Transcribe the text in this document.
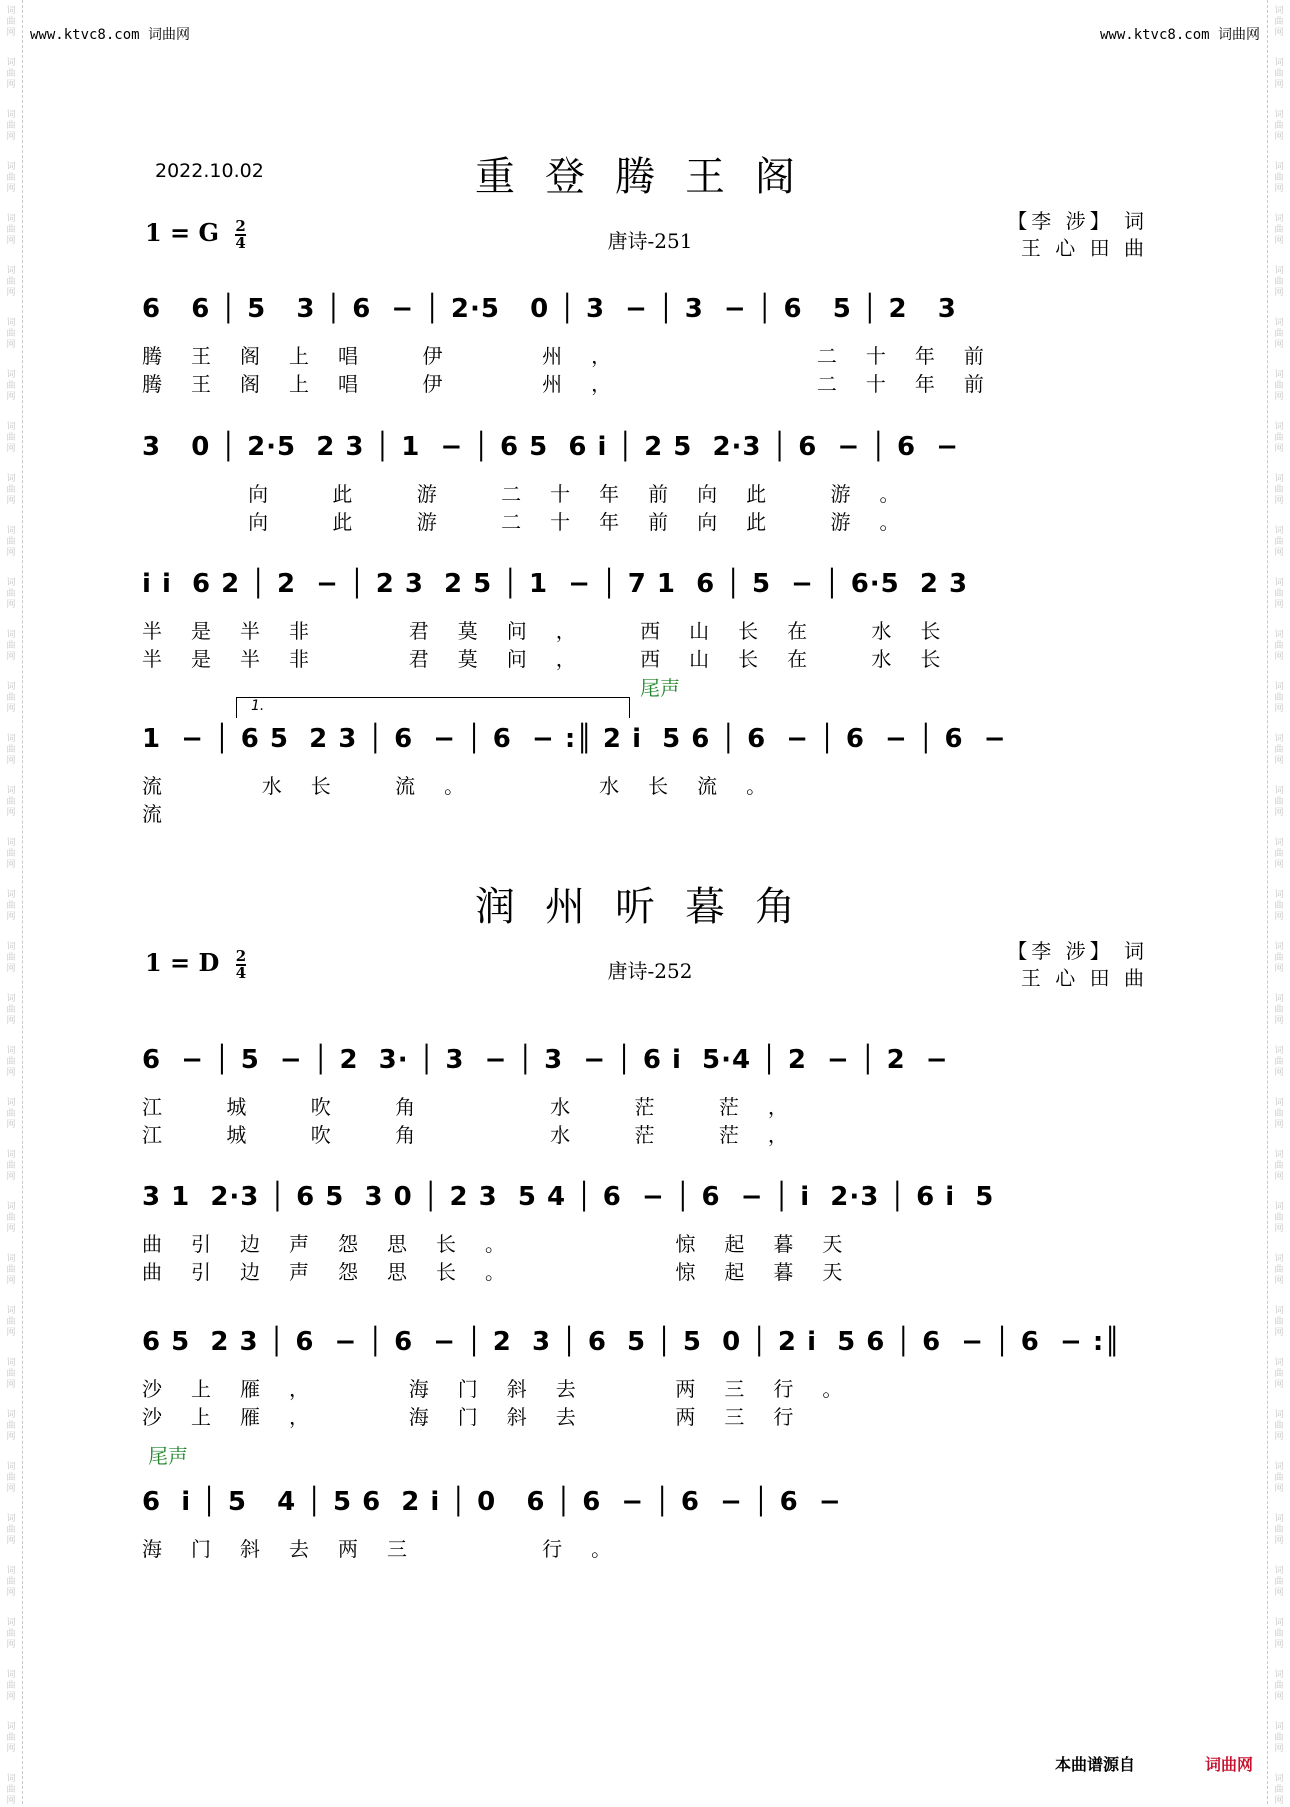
词
曲
网
词
曲
网
词
曲
网
词
曲
网
词
曲
网
词
曲
网
词
曲
网
词
曲
网
词
曲
网
词
曲
网
词
曲
网
词
曲
网
词
曲
网
词
曲
网
词
曲
网
词
曲
网
词
曲
网
词
曲
网
词
曲
网
词
曲
网
词
曲
网
词
曲
网
词
曲
网
词
曲
网
词
曲
网
词
曲
网
词
曲
网
词
曲
网
词
曲
网
词
曲
网
词
曲
网
词
曲
网
词
曲
网
词
曲
网
词
曲
网
词
曲
网
词
曲
网
词
曲
网
词
曲
网
词
曲
网
词
曲
网
词
曲
网
词
曲
网
词
曲
网
词
曲
网
词
曲
网
词
曲
网
词
曲
网
词
曲
网
词
曲
网
词
曲
网
词
曲
网
词
曲
网
词
曲
网
词
曲
网
词
曲
网
词
曲
网
词
曲
网
词
曲
网
词
曲
网
词
曲
网
词
曲
网
词
曲
网
词
曲
网
词
曲
网
词
曲
网
词
曲
网
词
曲
网
词
曲
网
词
曲
网
www.ktvc8.com 词曲网	www.ktvc8.com 词曲网
2022.10.02	重登腾王阁
1 = G $\frac{2}{4}$	唐诗-251
【李 涉】 词
王 心 田 曲
6   6 │ 5   3 │ 6  − │ 2·5   0 │ 3  − │ 3  − │ 6   5 │ 2   3
腾王阁上唱 伊  州，     二十年前
腾王阁上唱 伊  州，     二十年前
3   0 │ 2·5  2 3 │ 1  − │ 6 5  6 i │ 2 5  2·3 │ 6  − │ 6  −
向 此 游 二十年前向此 游。
向 此 游 二十年前向此 游。
i i  6 2 │ 2  − │ 2 3  2 5 │ 1  − │ 7 1  6 │ 5  − │ 6·5  2 3
半是半非  君莫问， 西山长在 水长
半是半非  君莫问， 西山长在 水长
尾声
1.
1  − │ 6 5  2 3 │ 6  − │ 6  − :║ 2 i  5 6 │ 6  − │ 6  − │ 6  −
流  水长 流。   水长流。
流
润州听暮角
1 = D $\frac{2}{4}$	唐诗-252
【李 涉】 词
王 心 田 曲
6  − │ 5  − │ 2  3· │ 3  − │ 3  − │ 6 i  5·4 │ 2  − │ 2  −
江 城 吹 角   水 茫 茫，
江 城 吹 角   水 茫 茫，
3 1  2·3 │ 6 5  3 0 │ 2 3  5 4 │ 6  − │ 6  − │ i  2·3 │ 6 i  5
曲引边声怨思长。    惊起暮天
曲引边声怨思长。    惊起暮天
6 5  2 3 │ 6  − │ 6  − │ 2  3 │ 6  5 │ 5  0 │ 2 i  5 6 │ 6  − │ 6  − :║
沙上雁，  海门斜去  两三行。
沙上雁，  海门斜去  两三行
尾声
6  i │ 5   4 │ 5 6  2 i │ 0   6 │ 6  − │ 6  − │ 6  −
海门斜去两三   行。
本曲谱源自	词曲网
